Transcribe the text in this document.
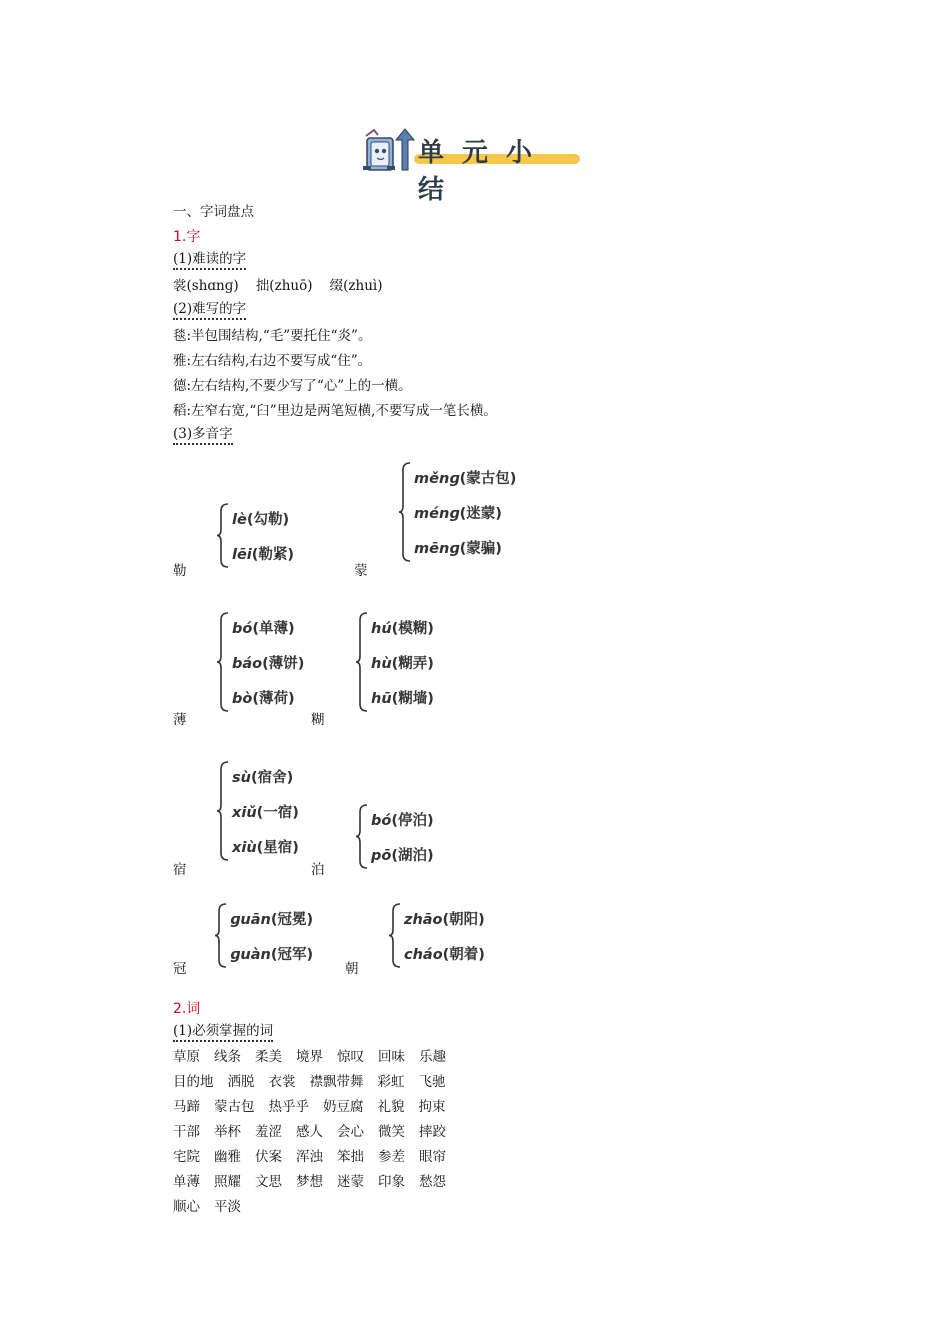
单元小结
一、字词盘点
1.字
(1)难读的字
裳(shɑnɡ) 拙(zhuō) 缀(zhuì)
(2)难写的字
毯:半包围结构,“毛”要托住“炎”。
雅:左右结构,右边不要写成“住”。
德:左右结构,不要少写了“心”上的一横。
稻:左窄右宽,“臼”里边是两笔短横,不要写成一笔长横。
(3)多音字
勒
lè(勾勒)
lēi(勒紧)
蒙
měnɡ(蒙古包)
ménɡ(迷蒙)
mēnɡ(蒙骗)
薄
bó(单薄)
báo(薄饼)
bò(薄荷)
糊
hú(模糊)
hù(糊弄)
hū(糊墙)
宿
sù(宿舍)
xiǔ(一宿)
xiù(星宿)
泊
bó(停泊)
pō(湖泊)
冠
ɡuān(冠冕)
ɡuàn(冠军)
朝
zhāo(朝阳)
cháo(朝着)
2.词
(1)必须掌握的词
草原 线条 柔美 境界 惊叹 回味 乐趣
目的地 洒脱 衣裳 襟飘带舞 彩虹 飞驰
马蹄 蒙古包 热乎乎 奶豆腐 礼貌 拘束
干部 举杯 羞涩 感人 会心 微笑 摔跤
宅院 幽雅 伏案 浑浊 笨拙 参差 眼帘
单薄 照耀 文思 梦想 迷蒙 印象 愁怨
顺心 平淡
